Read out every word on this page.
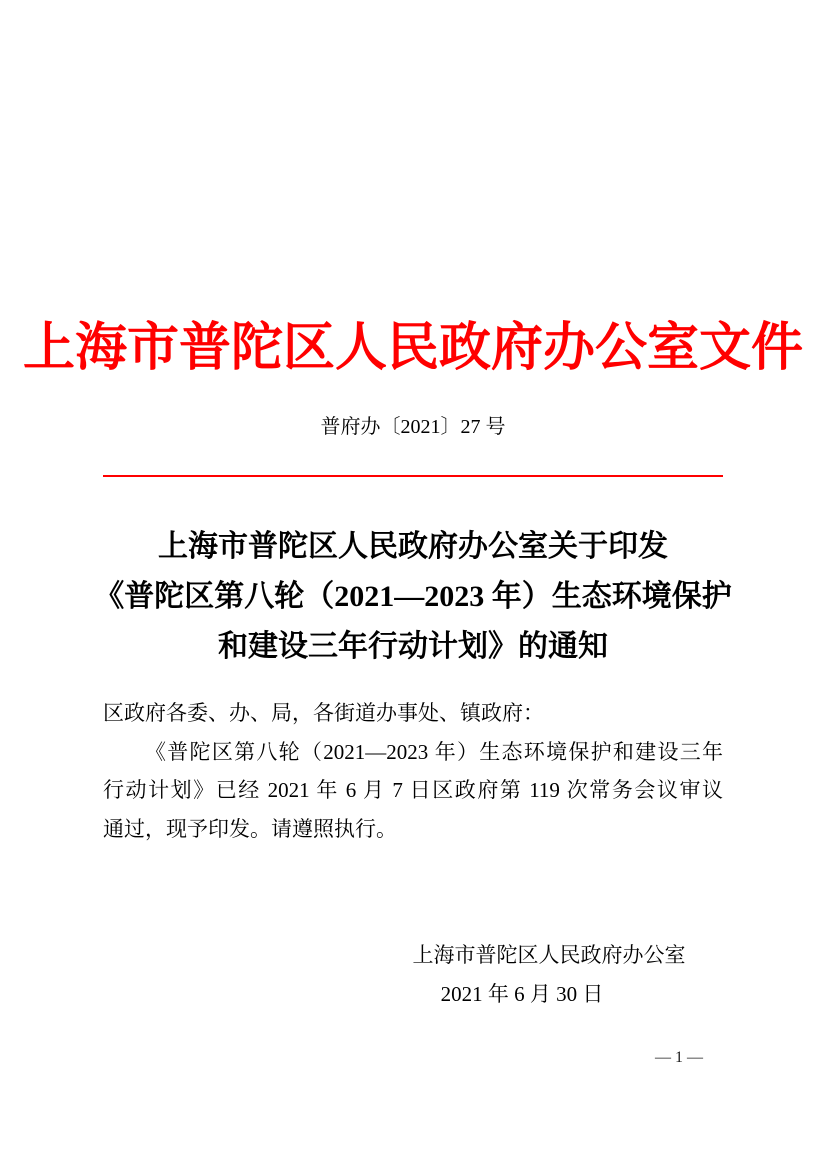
上海市普陀区人民政府办公室文件
普府办〔2021〕27 号
上海市普陀区人民政府办公室关于印发
《普陀区第八轮（2021—2023 年）生态环境保护
和建设三年行动计划》的通知
区政府各委、办、局，各街道办事处、镇政府：
《普陀区第八轮（2021—2023 年）生态环境保护和建设三年
行动计划》已经 2021 年 6 月 7 日区政府第 119 次常务会议审议
通过，现予印发。请遵照执行。
上海市普陀区人民政府办公室
2021 年 6 月 30 日
— 1 —
